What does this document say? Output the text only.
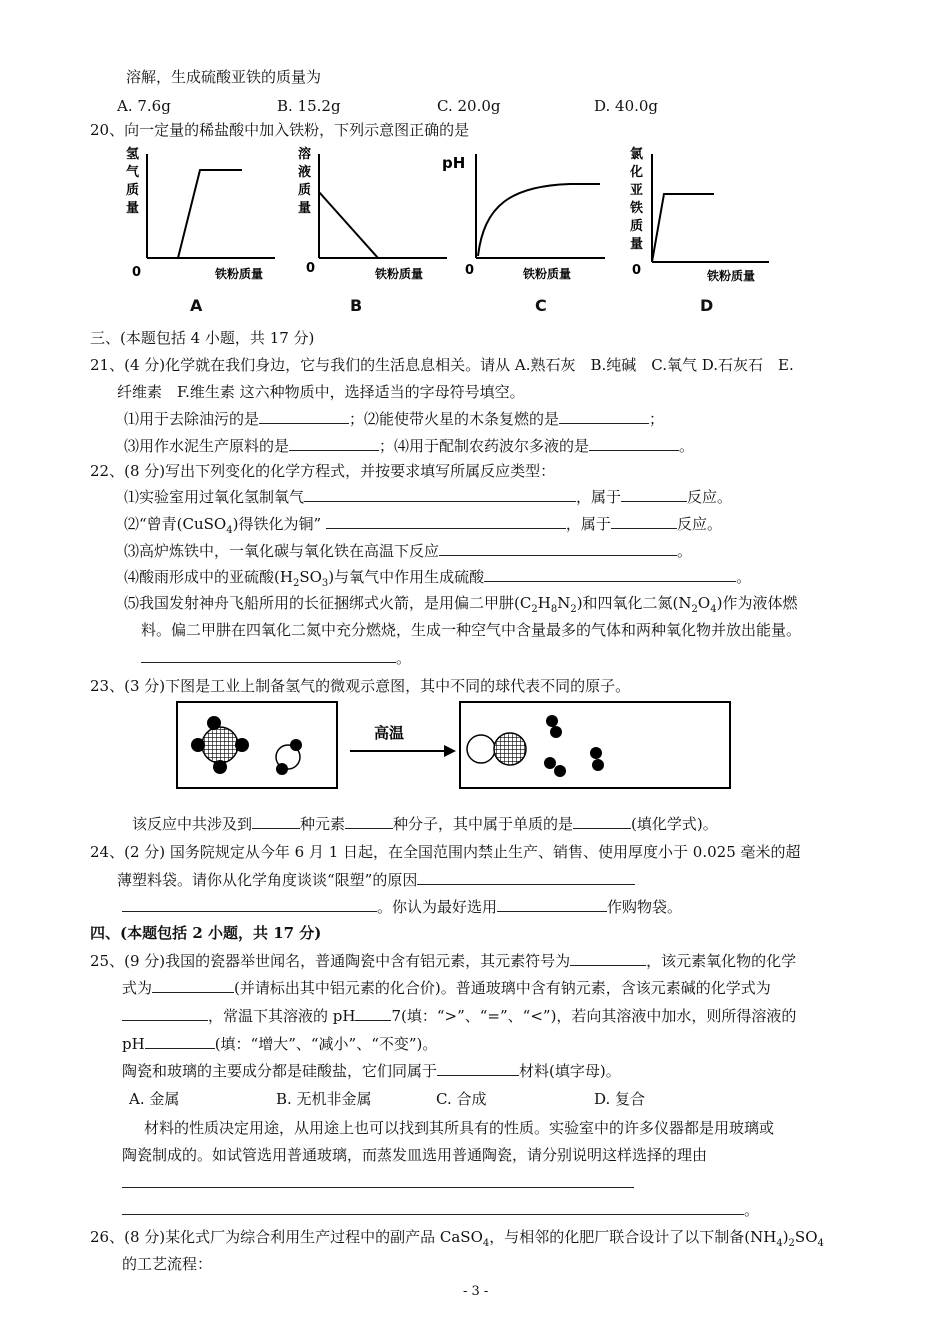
溶解，生成硫酸亚铁的质量为
A. 7.6g	B. 15.2g	C. 20.0g	D. 40.0g
20、向一定量的稀盐酸中加入铁粉，下列示意图正确的是
氢
气
质
量
0	铁粉质量
A
溶
液
质
量
0	铁粉质量
B
pH
0	铁粉质量
C
氯
化
亚
铁
质
量
0	铁粉质量
D
三、(本题包括 4 小题，共 17 分)
21、(4 分)化学就在我们身边，它与我们的生活息息相关。请从 A.熟石灰　B.纯碱　C.氧气 D.石灰石　E.
纤维素　F.维生素 这六种物质中，选择适当的字母符号填空。
⑴用于去除油污的是	；⑵能使带火星的木条复燃的是	；
⑶用作水泥生产原料的是	；⑷用于配制农药波尔多液的是	。
22、(8 分)写出下列变化的化学方程式，并按要求填写所属反应类型：
⑴实验室用过氧化氢制氧气	，属于	反应。
⑵“曾青(CuSO$_4$)得铁化为铜”	，属于	反应。
⑶高炉炼铁中，一氧化碳与氧化铁在高温下反应	。
⑷酸雨形成中的亚硫酸$(H_2SO_3)$与氧气中作用生成硫酸	。
⑸我国发射神舟飞船所用的长征捆绑式火箭，是用偏二甲肼$(C_2H_8N_2)$和四氧化二氮$(N_2O_4)$作为液体燃
料。偏二甲肼在四氧化二氮中充分燃烧，生成一种空气中含量最多的气体和两种氧化物并放出能量。
。
23、(3 分)下图是工业上制备氢气的微观示意图，其中不同的球代表不同的原子。
高温
该反应中共涉及到	种元素	种分子，其中属于单质的是	(填化学式)。
24、(2 分) 国务院规定从今年 6 月 1 日起，在全国范围内禁止生产、销售、使用厚度小于 0.025 毫米的超
薄塑料袋。请你从化学角度谈谈“限塑”的原因
。你认为最好选用	作购物袋。
四、(本题包括 2 小题，共 17 分)
25、(9 分)我国的瓷器举世闻名，普通陶瓷中含有铝元素，其元素符号为	，该元素氧化物的化学
式为	(并请标出其中铝元素的化合价)。普通玻璃中含有钠元素，含该元素碱的化学式为
，常温下其溶液的 pH 7(填：“>”、“=”、“<”)，若向其溶液中加水，则所得溶液的
pH	(填：“增大”、“减小”、“不变”)。
陶瓷和玻璃的主要成分都是硅酸盐，它们同属于	材料(填字母)。
A. 金属	B. 无机非金属	C. 合成	D. 复合
材料的性质决定用途，从用途上也可以找到其所具有的性质。实验室中的许多仪器都是用玻璃或
陶瓷制成的。如试管选用普通玻璃，而蒸发皿选用普通陶瓷，请分别说明这样选择的理由
。
26、(8 分)某化式厂为综合利用生产过程中的副产品 CaSO$_4$，与相邻的化肥厂联合设计了以下制备$(NH_4)_2SO_4$
的工艺流程：
- 3 -
